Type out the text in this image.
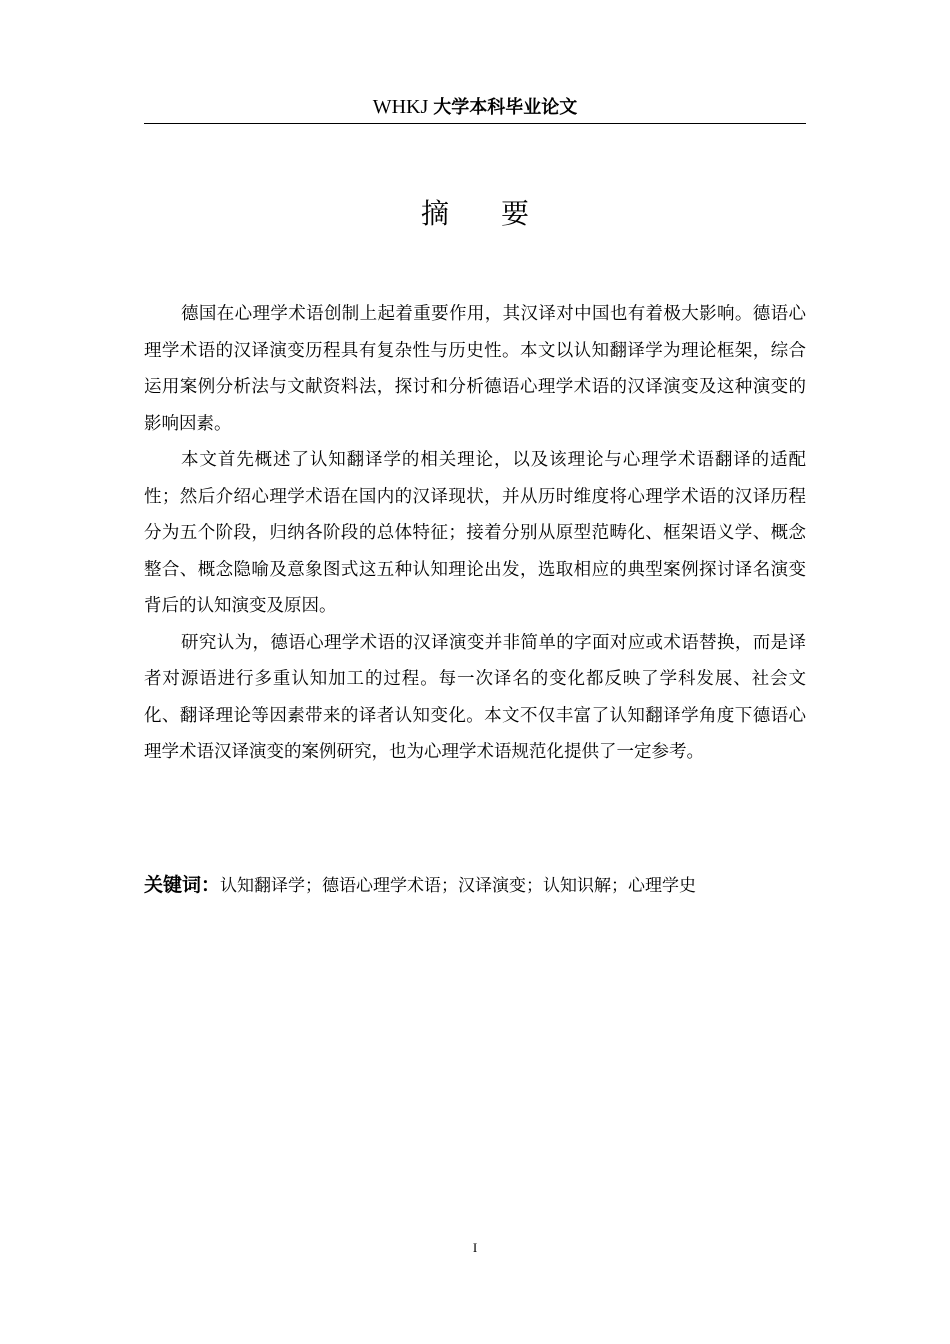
WHKJ 大学本科毕业论文
摘要

德国在心理学术语创制上起着重要作用，其汉译对中国也有着极大影响。德语心理学术语的汉译演变历程具有复杂性与历史性。本文以认知翻译学为理论框架，综合运用案例分析法与文献资料法，探讨和分析德语心理学术语的汉译演变及这种演变的影响因素。

本文首先概述了认知翻译学的相关理论，以及该理论与心理学术语翻译的适配性；然后介绍心理学术语在国内的汉译现状，并从历时维度将心理学术语的汉译历程分为五个阶段，归纳各阶段的总体特征；接着分别从原型范畴化、框架语义学、概念整合、概念隐喻及意象图式这五种认知理论出发，选取相应的典型案例探讨译名演变背后的认知演变及原因。

研究认为，德语心理学术语的汉译演变并非简单的字面对应或术语替换，而是译者对源语进行多重认知加工的过程。每一次译名的变化都反映了学科发展、社会文化、翻译理论等因素带来的译者认知变化。本文不仅丰富了认知翻译学角度下德语心理学术语汉译演变的案例研究，也为心理学术语规范化提供了一定参考。

关键词：认知翻译学；德语心理学术语；汉译演变；认知识解；心理学史
I
